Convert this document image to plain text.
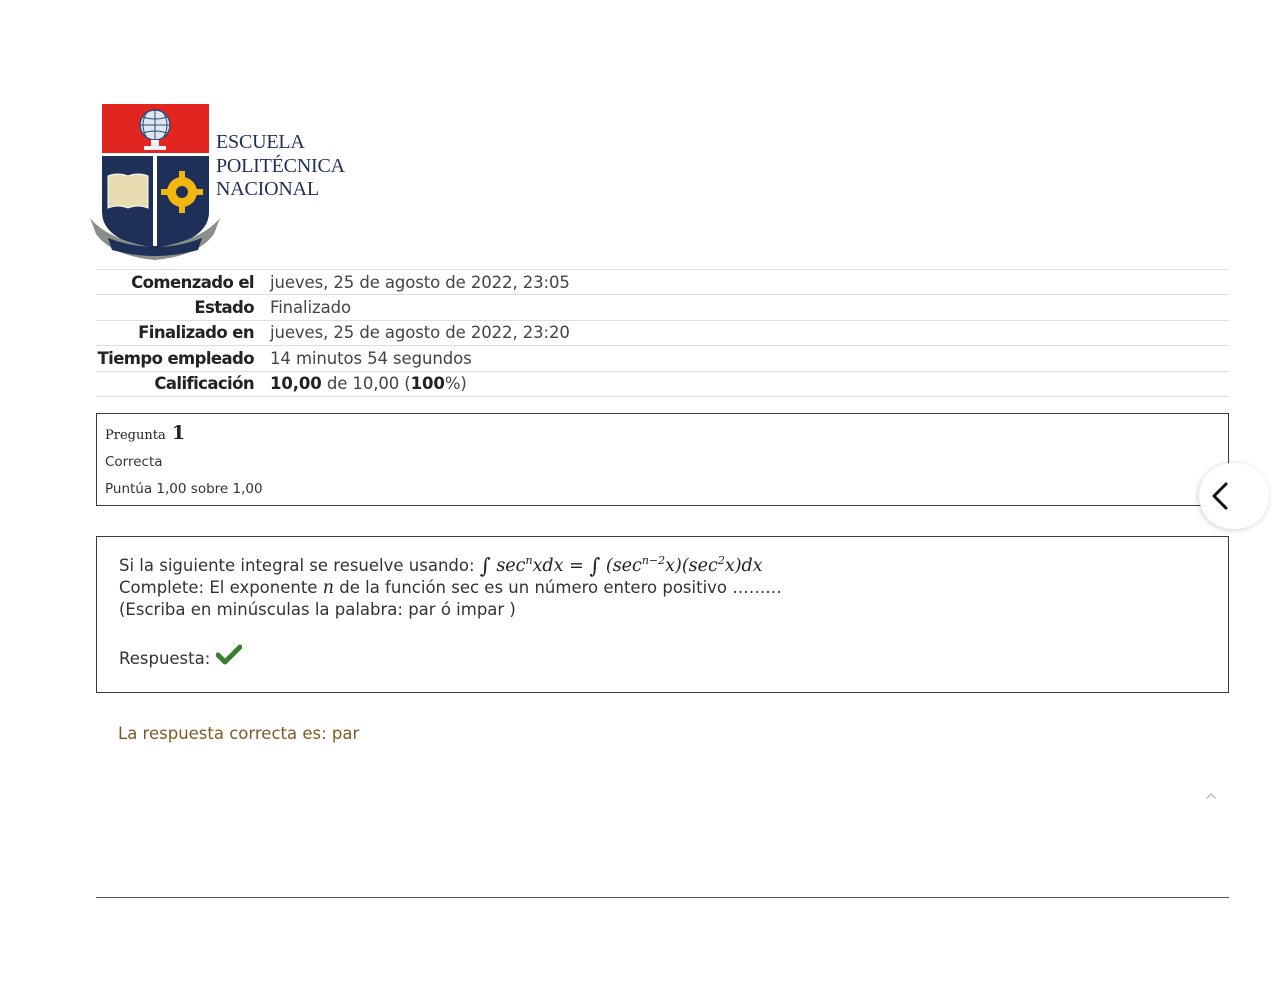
ESCUELA
POLITÉCNICA
NACIONAL
Comenzado el jueves, 25 de agosto de 2022, 23:05
Estado Finalizado
Finalizado en jueves, 25 de agosto de 2022, 23:20
Tiempo empleado 14 minutos 54 segundos
Calificación 10,00 de 10,00 (100%)
Pregunta 1
Correcta
Puntúa 1,00 sobre 1,00
Si la siguiente integral se resuelve usando: ∫ $\sec^nxdx$ = ∫ $(\sec^{n-2}x)(\sec^2x)dx$
Complete: El exponente n de la función sec es un número entero positivo ………
(Escriba en minúsculas la palabra: par ó impar )
Respuesta:
La respuesta correcta es: par
